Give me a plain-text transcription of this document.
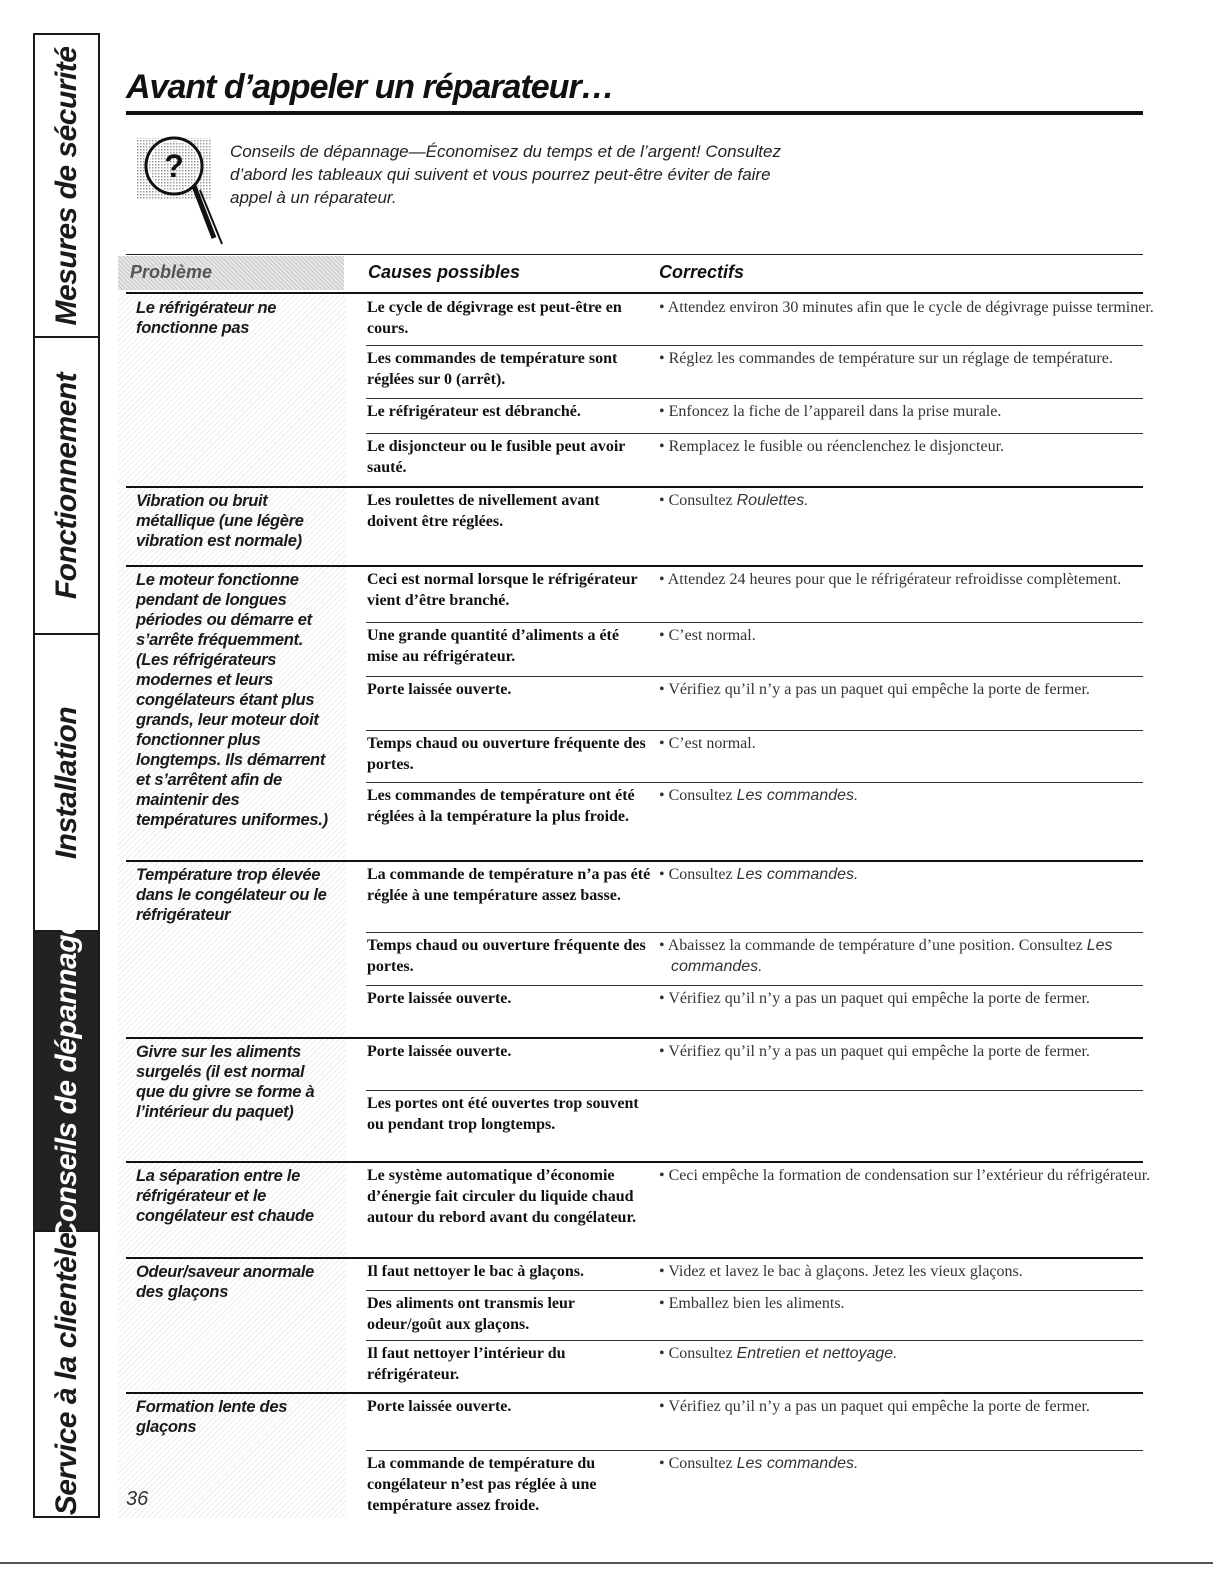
Mesures de sécurité
Fonctionnement
Installation
Conseils de dépannage
Service à la clientèle
Avant d’appeler un réparateur…
?	Conseils de dépannage—Économisez du temps et de l’argent! Consultez d’abord les tableaux qui suivent et vous pourrez peut-être éviter de faire appel à un réparateur.

Problème	Causes possibles	Correctifs
Le réfrigérateur ne fonctionne pas
Le cycle de dégivrage est peut-être en cours.
• Attendez environ 30 minutes afin que le cycle de dégivrage puisse terminer.
Les commandes de température sont réglées sur 0 (arrêt).
• Réglez les commandes de température sur un réglage de température.
Le réfrigérateur est débranché.	• Enfoncez la fiche de l’appareil dans la prise murale.
Le disjoncteur ou le fusible peut avoir sauté.
• Remplacez le fusible ou réenclenchez le disjoncteur.
Vibration ou bruit métallique (une légère vibration est normale)
Les roulettes de nivellement avant doivent être réglées.
• Consultez Roulettes.
Le moteur fonctionne pendant de longues périodes ou démarre et s’arrête fréquemment. (Les réfrigérateurs modernes et leurs congélateurs étant plus grands, leur moteur doit fonctionner plus longtemps. Ils démarrent et s’arrêtent afin de maintenir des températures uniformes.)
Ceci est normal lorsque le réfrigérateur vient d’être branché.
• Attendez 24 heures pour que le réfrigérateur refroidisse complètement.
Une grande quantité d’aliments a été mise au réfrigérateur.
• C’est normal.
Porte laissée ouverte.	• Vérifiez qu’il n’y a pas un paquet qui empêche la porte de fermer.
Temps chaud ou ouverture fréquente des portes.
• C’est normal.
Les commandes de température ont été réglées à la température la plus froide.
• Consultez Les commandes.
Température trop élevée dans le congélateur ou le réfrigérateur
La commande de température n’a pas été réglée à une température assez basse.
• Consultez Les commandes.
Temps chaud ou ouverture fréquente des portes.
• Abaissez la commande de température d’une position. Consultez Les commandes.
Porte laissée ouverte.	• Vérifiez qu’il n’y a pas un paquet qui empêche la porte de fermer.
Givre sur les aliments surgelés (il est normal que du givre se forme à l’intérieur du paquet)
Porte laissée ouverte.	• Vérifiez qu’il n’y a pas un paquet qui empêche la porte de fermer.
Les portes ont été ouvertes trop souvent ou pendant trop longtemps.
La séparation entre le réfrigérateur et le congélateur est chaude
Le système automatique d’économie d’énergie fait circuler du liquide chaud autour du rebord avant du congélateur.
• Ceci empêche la formation de condensation sur l’extérieur du réfrigérateur.
Odeur/saveur anormale des glaçons
Il faut nettoyer le bac à glaçons.	• Videz et lavez le bac à glaçons. Jetez les vieux glaçons.
Des aliments ont transmis leur odeur/goût aux glaçons.
• Emballez bien les aliments.
Il faut nettoyer l’intérieur du réfrigérateur.
• Consultez Entretien et nettoyage.
Formation lente des glaçons
Porte laissée ouverte.	• Vérifiez qu’il n’y a pas un paquet qui empêche la porte de fermer.
La commande de température du congélateur n’est pas réglée à une température assez froide.
• Consultez Les commandes.
36
